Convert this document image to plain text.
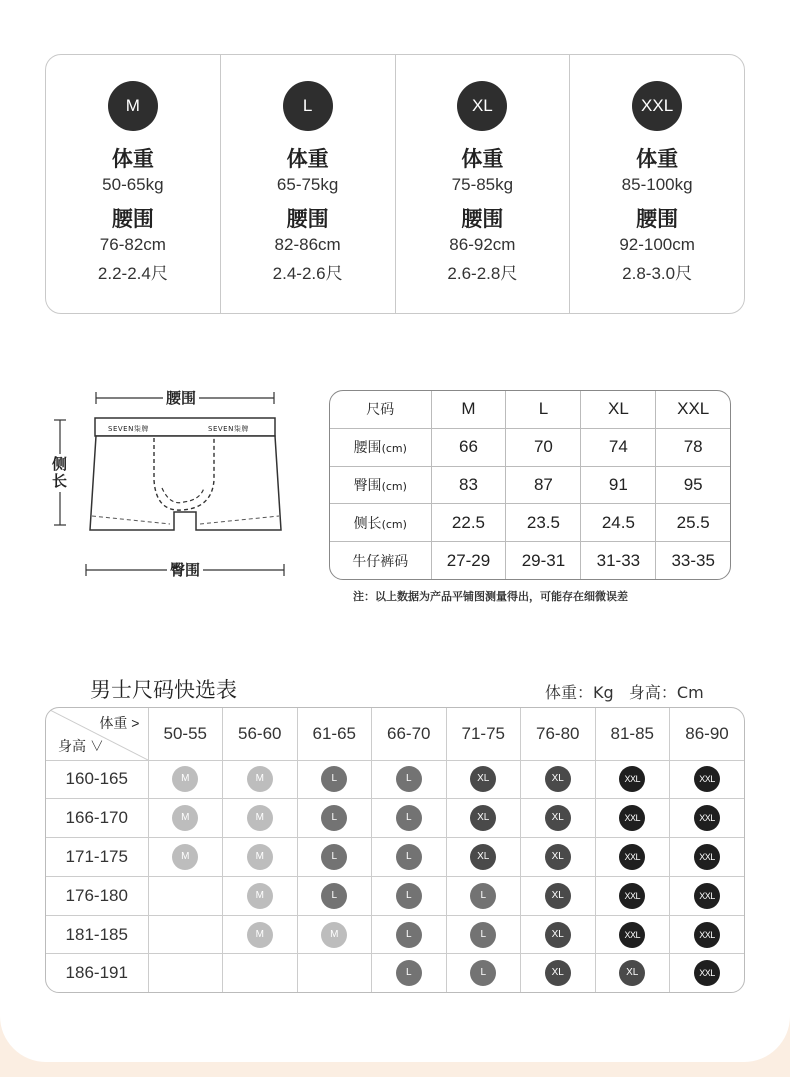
M
体重
50-65kg
腰围
76-82cm
2.2-2.4尺
L
体重
65-75kg
腰围
82-86cm
2.4-2.6尺
XL
体重
75-85kg
腰围
86-92cm
2.6-2.8尺
XXL
体重
85-100kg
腰围
92-100cm
2.8-3.0尺
腰围
臀围
侧长
SEVEN柒牌	SEVEN柒牌
尺码	M	L	XL	XXL
腰围(cm)	66	70	74	78
臀围(cm)	83	87	91	95
侧长(cm)	22.5	23.5	24.5	25.5
牛仔裤码	27-29	29-31	31-33	33-35
注：以上数据为产品平铺图测量得出，可能存在细微误差
男士尺码快选表	体重：Kg   身高：Cm
体重 >
身高 ∨	50-55	56-60	61-65	66-70	71-75	76-80	81-85	86-90
160-165	M	M	L	L	XL	XL	XXL	XXL
166-170	M	M	L	L	XL	XL	XXL	XXL
171-175	M	M	L	L	XL	XL	XXL	XXL
176-180		M	L	L	L	XL	XXL	XXL
181-185		M	M	L	L	XL	XXL	XXL
186-191				L	L	XL	XL	XXL
